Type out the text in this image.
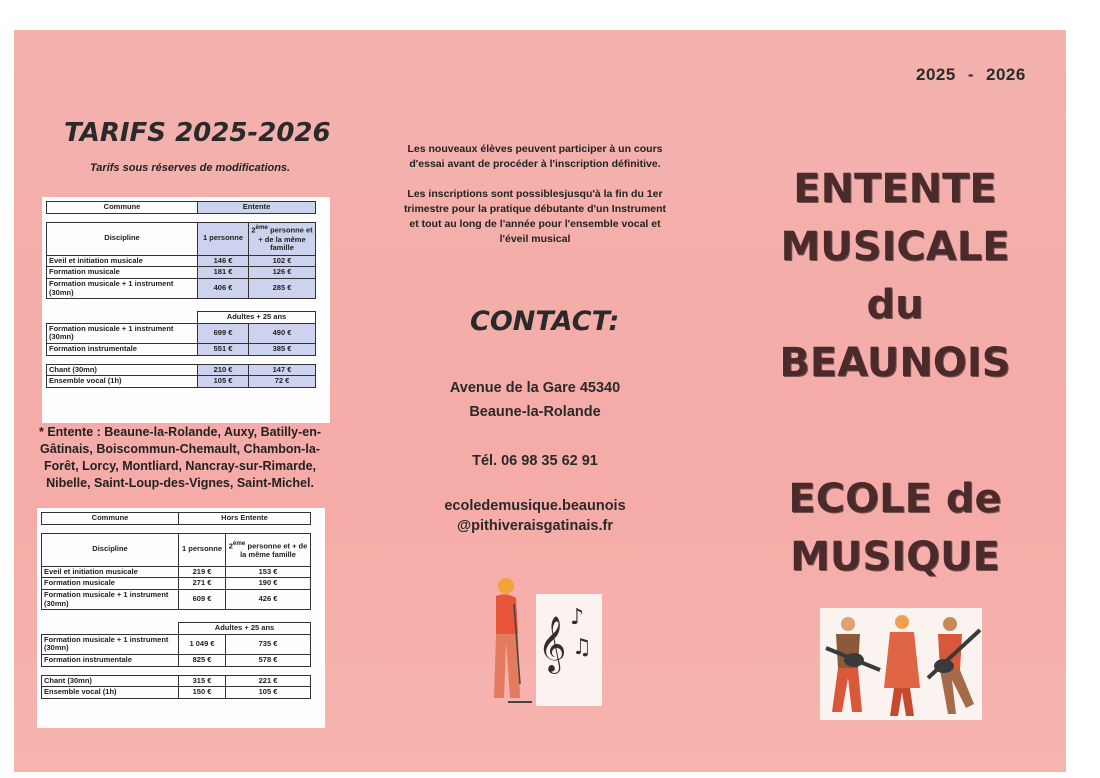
2025 - 2026
TARIFS 2025-2026
Tarifs sous réserves de modifications.
Commune	Entente	

Discipline	1 personne	2ème personne et + de la même famille
Eveil et initiation musicale	146 €	102 €
Formation musicale	181 €	126 €
Formation musicale + 1 instrument (30mn)	406 €	285 €

	Adultes + 25 ans	
Formation musicale + 1 instrument (30mn)	699 €	490 €
Formation instrumentale	551 €	385 €

Chant (30mn)	210 €	147 €
Ensemble vocal (1h)	105 €	72 €
* Entente : Beaune-la-Rolande, Auxy, Batilly-en-Gâtinais, Boiscommun-Chemault, Chambon-la-Forêt, Lorcy, Montliard, Nancray-sur-Rimarde, Nibelle, Saint-Loup-des-Vignes, Saint-Michel.
Commune	Hors Entente	

Discipline	1 personne	2ème personne et + de la même famille
Eveil et initiation musicale	219 €	153 €
Formation musicale	271 €	190 €
Formation musicale + 1 instrument (30mn)	609 €	426 €

	Adultes + 25 ans	
Formation musicale + 1 instrument (30mn)	1 049 €	735 €
Formation instrumentale	825 €	578 €

Chant (30mn)	315 €	221 €
Ensemble vocal (1h)	150 €	105 €
Les nouveaux élèves peuvent participer à un cours d'essai avant de procéder à l'inscription définitive.
Les inscriptions sont possiblesjusqu'à la fin du 1er trimestre pour la pratique débutante d'un Instrument et tout au long de l'année pour l'ensemble vocal et l'éveil musical
CONTACT:
Avenue de la Gare 45340
Beaune-la-Rolande
Tél. 06 98 35 62 91
ecoledemusique.beaunois
@pithiveraisgatinais.fr
𝄞 ♪
♫
ENTENTE
MUSICALE
du
BEAUNOIS
ECOLE de
MUSIQUE
